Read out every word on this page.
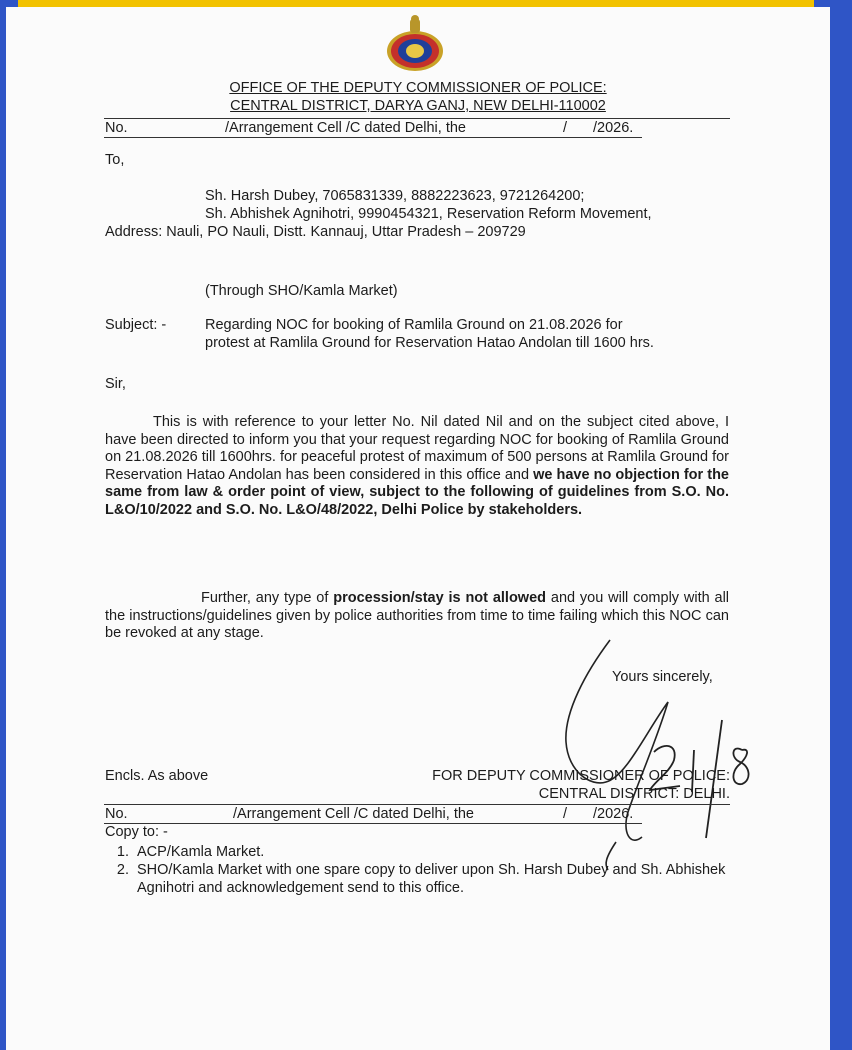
OFFICE OF THE DEPUTY COMMISSIONER OF POLICE:
CENTRAL DISTRICT, DARYA GANJ, NEW DELHI-110002
No.	/Arrangement Cell /C dated Delhi, the	/ /2026.
To,
Sh. Harsh Dubey, 7065831339, 8882223623, 9721264200;
Sh. Abhishek Agnihotri, 9990454321, Reservation Reform Movement,
Address: Nauli, PO Nauli, Distt. Kannauj, Uttar Pradesh – 209729
(Through SHO/Kamla Market)
Subject: -	Regarding NOC for booking of Ramlila Ground on 21.08.2026 for
protest at Ramlila Ground for Reservation Hatao Andolan till 1600 hrs.
Sir,
This is with reference to your letter No. Nil dated Nil and on the subject cited above, I have been directed to inform you that your request regarding NOC for booking of Ramlila Ground on 21.08.2026 till 1600hrs. for peaceful protest of maximum of 500 persons at Ramlila Ground for Reservation Hatao Andolan has been considered in this office and we have no objection for the same from law & order point of view, subject to the following of guidelines from S.O. No. L&O/10/2022 and S.O. No. L&O/48/2022, Delhi Police by stakeholders.
Further, any type of procession/stay is not allowed and you will comply with all the instructions/guidelines given by police authorities from time to time failing which this NOC can be revoked at any stage.
Yours sincerely,
Encls. As above	FOR DEPUTY COMMISSIONER OF POLICE:
CENTRAL DISTRICT: DELHI.
No.	/Arrangement Cell /C dated Delhi, the	/ /2026.
Copy to: -
1. ACP/Kamla Market.
2. SHO/Kamla Market with one spare copy to deliver upon Sh. Harsh Dubey and Sh. Abhishek Agnihotri and acknowledgement send to this office.
